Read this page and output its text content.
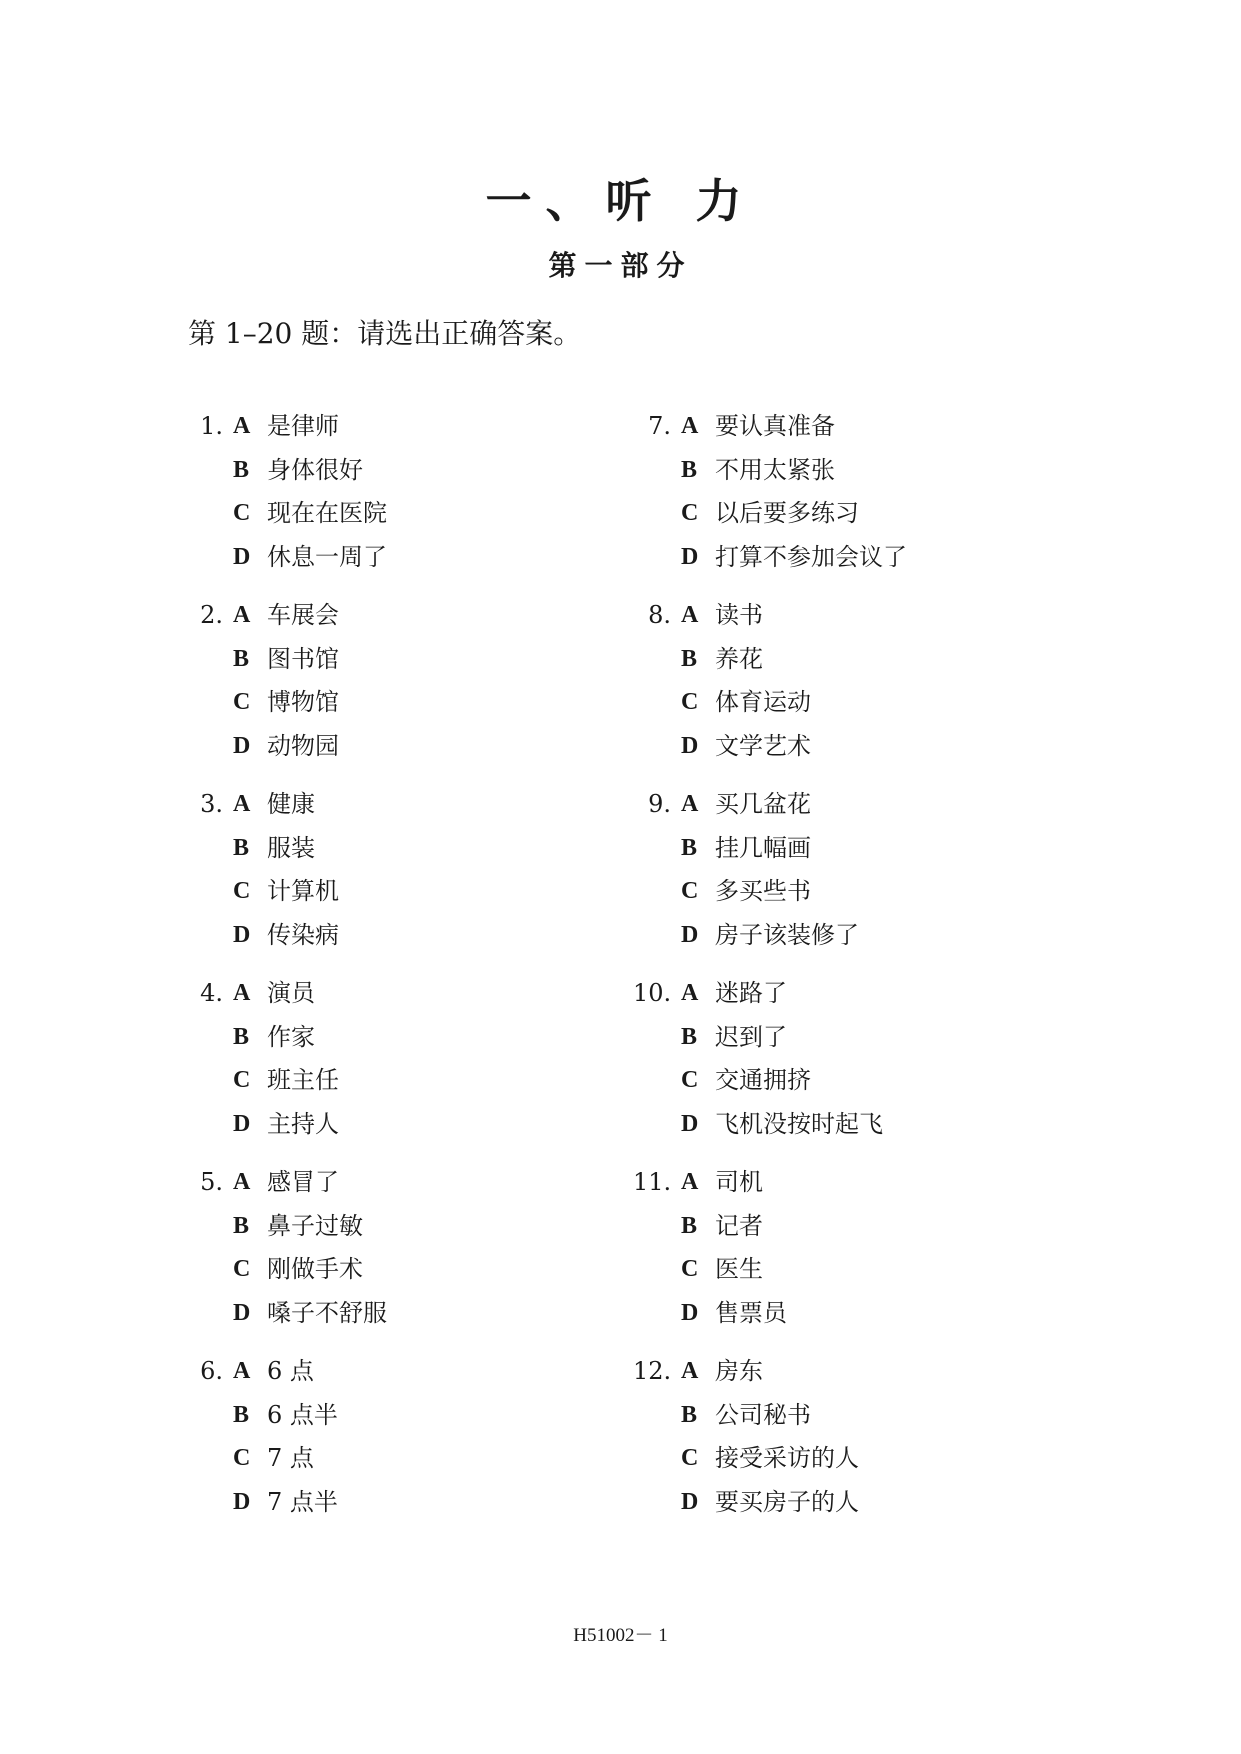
一、听 力
第一部分

第 1–20 题：请选出正确答案。

1. A 是律师
B 身体很好
C 现在在医院
D 休息一周了
2. A 车展会
B 图书馆
C 博物馆
D 动物园
3. A 健康
B 服装
C 计算机
D 传染病
4. A 演员
B 作家
C 班主任
D 主持人
5. A 感冒了
B 鼻子过敏
C 刚做手术
D 嗓子不舒服
6. A 6 点
B 6 点半
C 7 点
D 7 点半
7. A 要认真准备
B 不用太紧张
C 以后要多练习
D 打算不参加会议了
8. A 读书
B 养花
C 体育运动
D 文学艺术
9. A 买几盆花
B 挂几幅画
C 多买些书
D 房子该装修了
10. A 迷路了
B 迟到了
C 交通拥挤
D 飞机没按时起飞
11. A 司机
B 记者
C 医生
D 售票员
12. A 房东
B 公司秘书
C 接受采访的人
D 要买房子的人
H51002－ 1
